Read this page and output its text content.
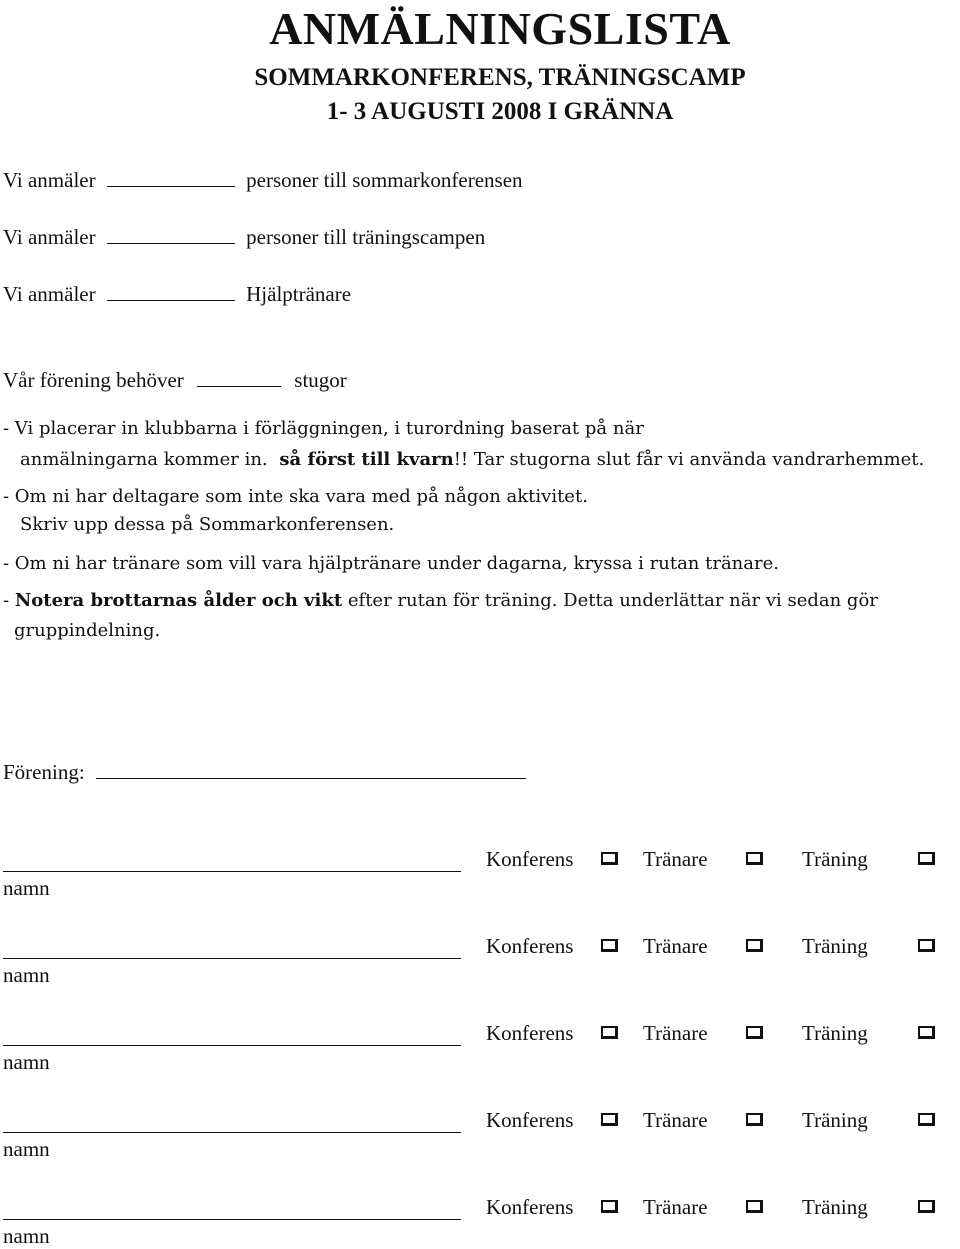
ANMÄLNINGSLISTA
SOMMARKONFERENS, TRÄNINGSCAMP
1- 3 AUGUSTI 2008 I GRÄNNA
Vi anmäler	personer till sommarkonferensen
Vi anmäler	personer till träningscampen
Vi anmäler	Hjälptränare
Vår förening behöver	stugor
- Vi placerar in klubbarna i förläggningen, i turordning baserat på när
anmälningarna kommer in. så först till kvarn!! Tar stugorna slut får vi använda vandrarhemmet.
- Om ni har deltagare som inte ska vara med på någon aktivitet.
Skriv upp dessa på Sommarkonferensen.
- Om ni har tränare som vill vara hjälptränare under dagarna, kryssa i rutan tränare.
- Notera brottarnas ålder och vikt efter rutan för träning. Detta underlättar när vi sedan gör
gruppindelning.
Förening:
Konferens	Tränare	Träning
namn
Konferens	Tränare	Träning
namn
Konferens	Tränare	Träning
namn
Konferens	Tränare	Träning
namn
Konferens	Tränare	Träning
namn
